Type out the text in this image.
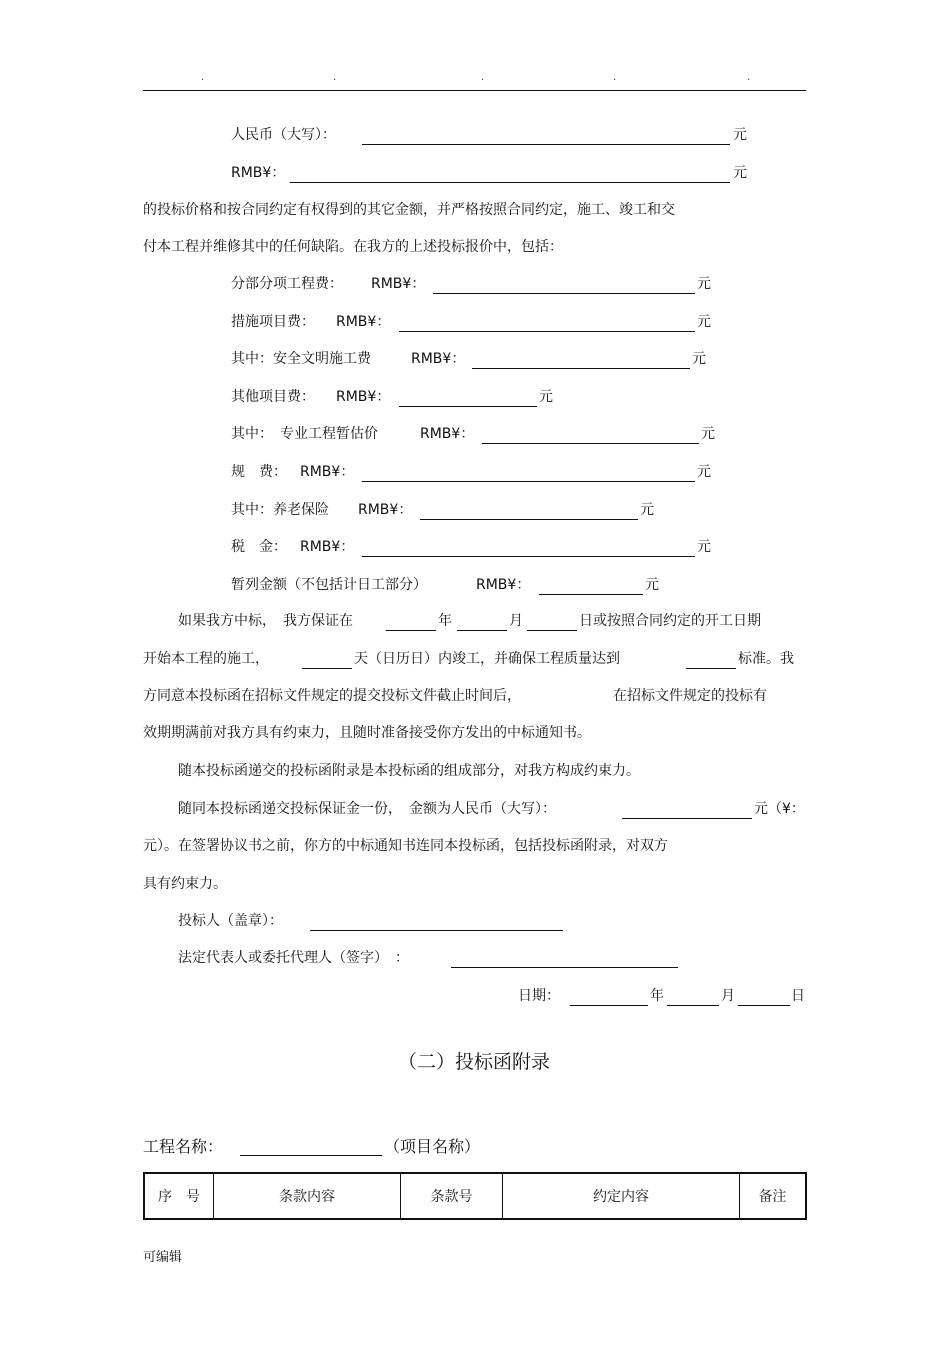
.	.	.	.	.
人民币（大写）：	元
RMB¥：	元
的投标价格和按合同约定有权得到的其它金额，并严格按照合同约定，施工、竣工和交
付本工程并维修其中的任何缺陷。在我方的上述投标报价中，包括：
分部分项工程费： RMB¥：	元
措施项目费： RMB¥：	元
其中：安全文明施工费	RMB¥：	元
其他项目费： RMB¥：	元
其中：　专业工程暂估价	RMB¥：	元
规　费： RMB¥：	元
其中：养老保险 RMB¥：	元
税　金： RMB¥：	元
暂列金额（不包括计日工部分）	RMB¥：	元
如果我方中标，　我方保证在	年	月	日或按照合同约定的开工日期
开始本工程的施工，	天（日历日）内竣工，并确保工程质量达到	标准。我
方同意本投标函在招标文件规定的提交投标文件截止时间后，	在招标文件规定的投标有
效期期满前对我方具有约束力，且随时准备接受你方发出的中标通知书。
随本投标函递交的投标函附录是本投标函的组成部分，对我方构成约束力。
随同本投标函递交投标保证金一份，　金额为人民币（大写）：	元（¥：
元）。在签署协议书之前，你方的中标通知书连同本投标函，包括投标函附录，对双方
具有约束力。
投标人（盖章）：
法定代表人或委托代理人（签字）　：
日期：	年	月	日
（二）投标函附录
工程名称：	（项目名称）
序　号	条款内容	条款号	约定内容	备注
可编辑
